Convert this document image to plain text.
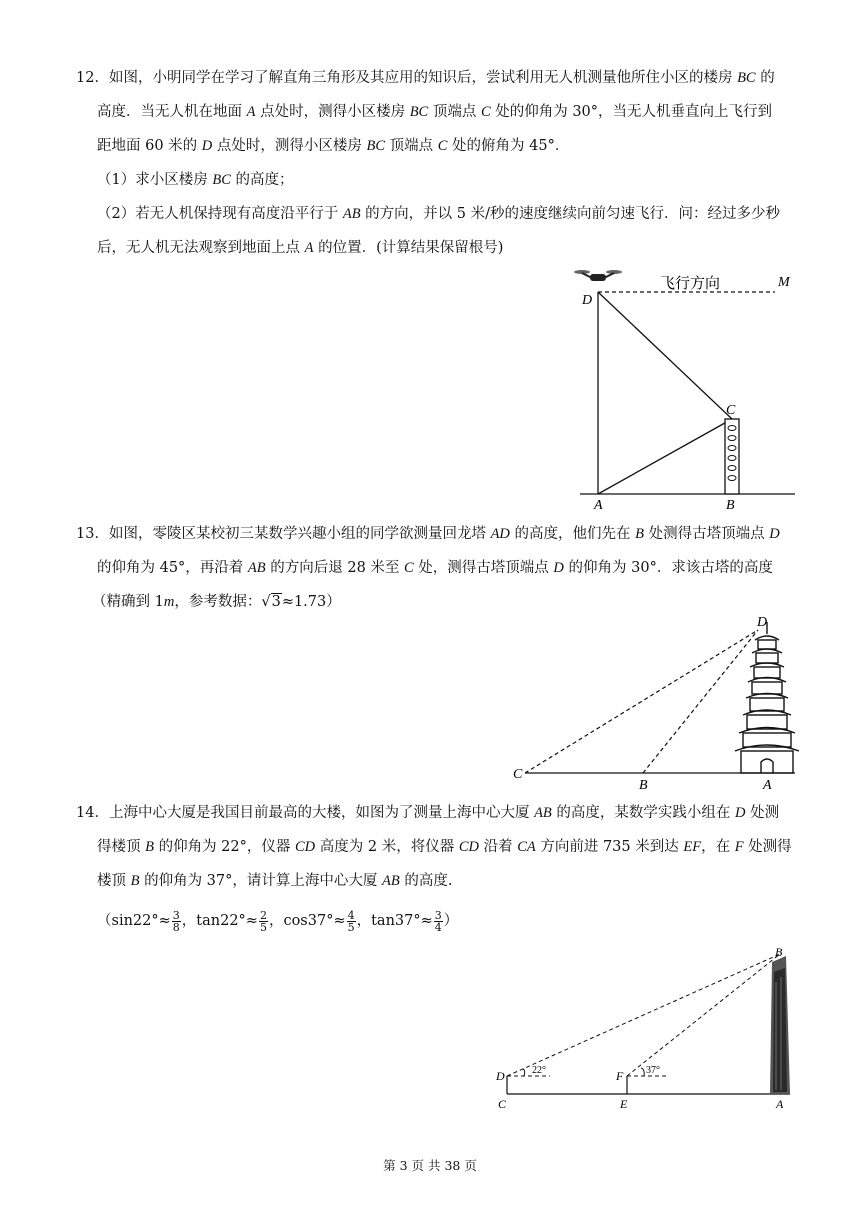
12．如图，小明同学在学习了解直角三角形及其应用的知识后，尝试利用无人机测量他所住小区的楼房 BC 的
高度．当无人机在地面 A 点处时，测得小区楼房 BC 顶端点 C 处的仰角为 30°，当无人机垂直向上飞行到
距地面 60 米的 D 点处时，测得小区楼房 BC 顶端点 C 处的俯角为 45°．
（1）求小区楼房 BC 的高度；
（2）若无人机保持现有高度沿平行于 AB 的方向，并以 5 米/秒的速度继续向前匀速飞行．问：经过多少秒
后，无人机无法观察到地面上点 A 的位置．(计算结果保留根号)
M
飞行方向
D
C
A	B
13．如图，零陵区某校初三某数学兴趣小组的同学欲测量回龙塔 AD 的高度，他们先在 B 处测得古塔顶端点 D
的仰角为 45°，再沿着 AB 的方向后退 28 米至 C 处，测得古塔顶端点 D 的仰角为 30°．求该古塔的高度
（精确到 1m，参考数据：√3≈1.73）
D
C
B	A
14．上海中心大厦是我国目前最高的大楼，如图为了测量上海中心大厦 AB 的高度，某数学实践小组在 D 处测
得楼顶 B 的仰角为 22°，仪器 CD 高度为 2 米，将仪器 CD 沿着 CA 方向前进 735 米到达 EF，在 F 处测得
楼顶 B 的仰角为 37°，请计算上海中心大厦 AB 的高度.
（$\sin 22^\circ\approx \frac{3}{8}$ ，$\tan 22^\circ\approx \frac{2}{5}$ ，$\cos 37^\circ\approx \frac{4}{5}$ ，$\tan 37^\circ\approx \frac{3}{4}$ ）
B
D	22°	F 37°
C	E	A
第 3 页 共 38 页
